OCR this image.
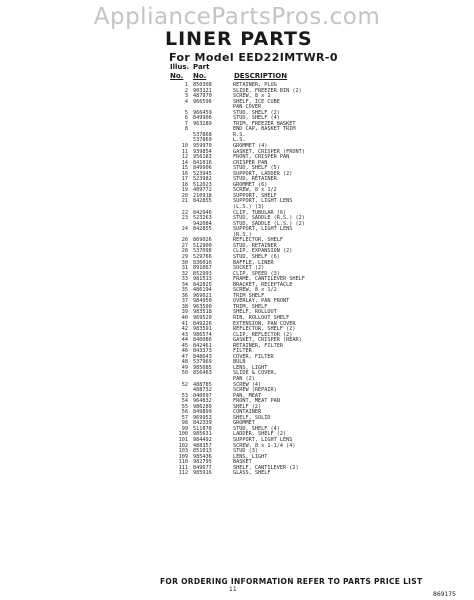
AppliancePartsPros.com
LINER PARTS
For Model EED22IMTWR-0
Illus. Part
No. No.	DESCRIPTION
1 850308	RETAINER, PLUG
2 903121	SLIDE, FREEZER BIN (2)
3 487970	SCREW, 8 x 1
4 966596	SHELF, ICE CUBE
PAN COVER
5 966459	STUD, SHELF (2)
6 849906	STUD, SHELF (4)
7 963289	TRIM, FREEZER BASKET
8	END CAP, BASKET TRIM
537868	R.S.
537869	L.S.
10 959970	GROMMET (4)
11 939854	GASKET, CRISPER (FRONT)
12 956183	FRONT, CRISPER PAN
14 841016	CRISPER PAN
15 849906	STUD, SHELF (5)
16 523945	SUPPORT, LADDER (2)
17 523982	STUD, RETAINER
18 512023	GROMMET (6)
19 489772	SCREW, 8 x 1/2
20 210918	SUPPORT, SHELF
21 842855	SUPPORT, LIGHT LENS
(L.S.) (3)
22 842946	CLIP, TUBULAR (6)
23 523263	STUD, SADDLE (R.S.) (2)
942084	STUD, SADDLE (L.S.) (2)
24 842855	SUPPORT, LIGHT LENS
(R.S.)
26 869026	REFLECTOR, SHELF
27 512900	STUD, RETAINER
28 537098	CLIP, EXPANSION (2)
29 529766	STUD, SHELF (6)
30 836016	BAFFLE, LINER
31 891067	SOCKET (2)
32 852993	CLIP, SPEED (3)
33 981513	FRAME, CANTILEVER SHELF
34 842825	BRACKET, RECEPTACLE
35 486194	SCREW, 8 x 1/2
36 969021	TRIM SHELF
37 984950	OVERLAY, PAN FRONT
38 963590	TRIM, SHELF
39 983518	SHELF, ROLLOUT
40 969520	RIB, ROLLOUT SHELF
41 849226	EXTENSION, PAN COVER
42 983591	REFLECTOR, SHELF (2)
43 986574	CLIP, REFLECTOR (2)
44 840086	GASKET, CRISPER (REAR)
45 842461	RETAINER, FILTER
46 843373	FILTER
47 848643	COVER, FILTER
48 537969	BULB
49 985685	LENS, LIGHT
50 856463	SLIDE & COVER,
PAN (2)
52 488785	SCREW (4)
488732	SCREW (REPAIR)
53 840097	PAN, MEAT
54 964832	FRONT, MEAT PAN
55 986289	SHELF (2)
56 849899	CONTAINER
57 969953	SHELF, SOLID
98 842339	GROMMET
99 511878	STUD, SHELF (4)
100 985631	LADDER, SHELF (2)
101 984492	SUPPORT, LIGHT LENS
102 488357	SCREW, 8 x 1-1/4 (4)
103 851013	STUD (3)
109 985436	LENS, LIGHT
110 982795	BASKET
111 849677	SHELF, CANTILEVER (2)
112 985916	GLASS, SHELF
FOR ORDERING INFORMATION REFER TO PARTS PRICE LIST
11
869175
